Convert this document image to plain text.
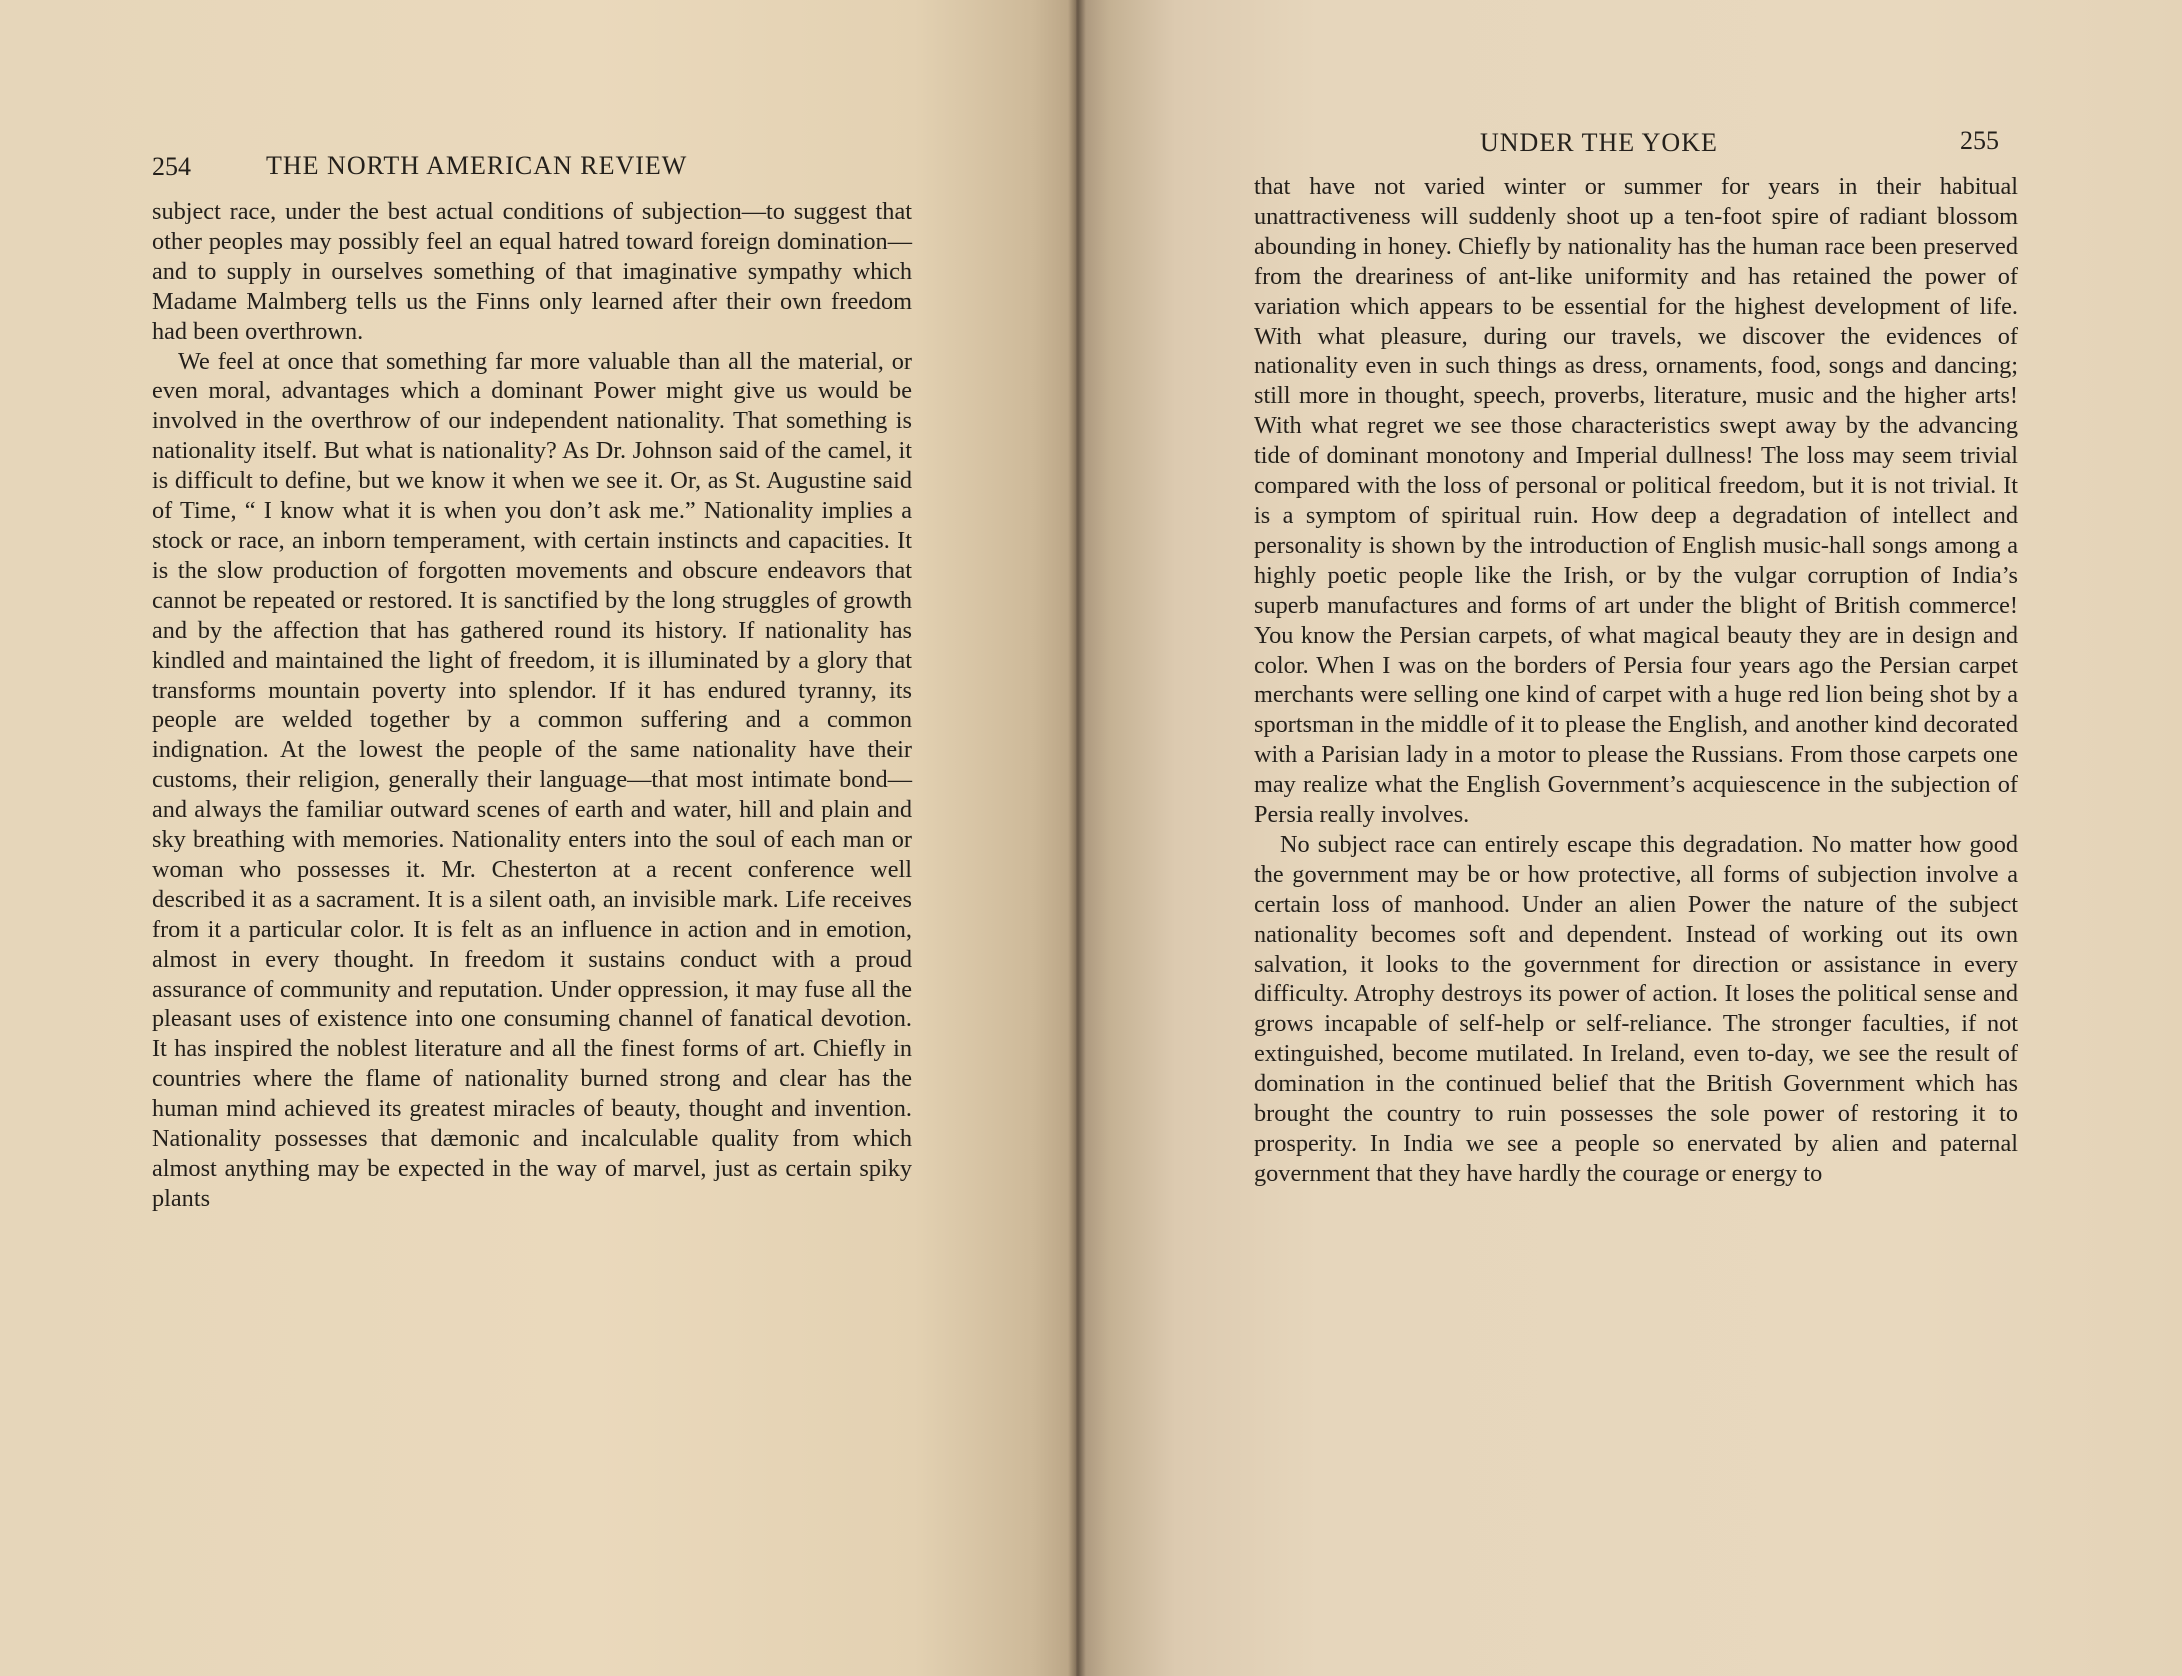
254	THE NORTH AMERICAN REVIEW

subject race, under the best actual conditions of subjection—to suggest that other peoples may possibly feel an equal hatred toward foreign domination—and to supply in ourselves something of that imaginative sympathy which Madame Malmberg tells us the Finns only learned after their own freedom had been overthrown.

We feel at once that something far more valuable than all the material, or even moral, advantages which a dominant Power might give us would be involved in the overthrow of our independent nationality. That something is nationality itself. But what is nationality? As Dr. Johnson said of the camel, it is difficult to define, but we know it when we see it. Or, as St. Augustine said of Time, “ I know what it is when you don’t ask me.” Nationality implies a stock or race, an inborn temperament, with certain instincts and capacities. It is the slow production of forgotten movements and obscure endeavors that cannot be repeated or restored. It is sanctified by the long struggles of growth and by the affection that has gathered round its history. If nationality has kindled and maintained the light of freedom, it is illuminated by a glory that transforms mountain poverty into splendor. If it has endured tyranny, its people are welded together by a common suffering and a common indignation. At the lowest the people of the same nationality have their customs, their religion, generally their language—that most intimate bond—and always the familiar outward scenes of earth and water, hill and plain and sky breathing with memories. Nationality enters into the soul of each man or woman who possesses it. Mr. Chesterton at a recent conference well described it as a sacrament. It is a silent oath, an invisible mark. Life receives from it a particular color. It is felt as an influence in action and in emotion, almost in every thought. In freedom it sustains conduct with a proud assurance of community and reputation. Under oppression, it may fuse all the pleasant uses of existence into one consuming channel of fanatical devotion. It has inspired the noblest literature and all the finest forms of art. Chiefly in countries where the flame of nationality burned strong and clear has the human mind achieved its greatest miracles of beauty, thought and invention. Nationality possesses that dæmonic and incalculable quality from which almost anything may be expected in the way of marvel, just as certain spiky plants

UNDER THE YOKE	255

that have not varied winter or summer for years in their habitual unattractiveness will suddenly shoot up a ten-foot spire of radiant blossom abounding in honey. Chiefly by nationality has the human race been preserved from the dreariness of ant-like uniformity and has retained the power of variation which appears to be essential for the highest development of life. With what pleasure, during our travels, we discover the evidences of nationality even in such things as dress, ornaments, food, songs and dancing; still more in thought, speech, proverbs, literature, music and the higher arts! With what regret we see those characteristics swept away by the advancing tide of dominant monotony and Imperial dullness! The loss may seem trivial compared with the loss of personal or political freedom, but it is not trivial. It is a symptom of spiritual ruin. How deep a degradation of intellect and personality is shown by the introduction of English music-hall songs among a highly poetic people like the Irish, or by the vulgar corruption of India’s superb manufactures and forms of art under the blight of British commerce! You know the Persian carpets, of what magical beauty they are in design and color. When I was on the borders of Persia four years ago the Persian carpet merchants were selling one kind of carpet with a huge red lion being shot by a sportsman in the middle of it to please the English, and another kind decorated with a Parisian lady in a motor to please the Russians. From those carpets one may realize what the English Government’s acquiescence in the subjection of Persia really involves.

No subject race can entirely escape this degradation. No matter how good the government may be or how protective, all forms of subjection involve a certain loss of manhood. Under an alien Power the nature of the subject nationality becomes soft and dependent. Instead of working out its own salvation, it looks to the government for direction or assistance in every difficulty. Atrophy destroys its power of action. It loses the political sense and grows incapable of self-help or self-reliance. The stronger faculties, if not extinguished, become mutilated. In Ireland, even to-day, we see the result of domination in the continued belief that the British Government which has brought the country to ruin possesses the sole power of restoring it to prosperity. In India we see a people so enervated by alien and paternal government that they have hardly the courage or energy to
